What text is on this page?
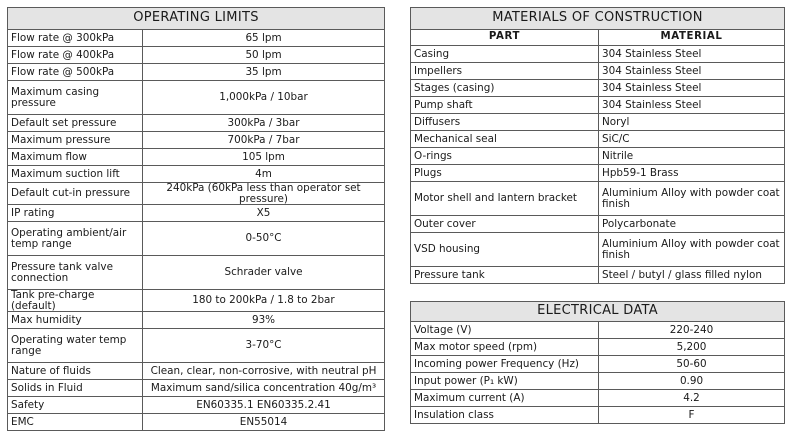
OPERATING LIMITS	
Flow rate @ 300kPa	65 lpm
Flow rate @ 400kPa	50 lpm
Flow rate @ 500kPa	35 lpm
Maximum casing pressure	1,000kPa / 10bar
Default set pressure	300kPa / 3bar
Maximum pressure	700kPa / 7bar
Maximum flow	105 lpm
Maximum suction lift	4m
Default cut-in pressure	240kPa (60kPa less than operator set pressure)
IP rating	X5
Operating ambient/air temp range	0-50°C
Pressure tank valve connection	Schrader valve
Tank pre-charge (default)	180 to 200kPa / 1.8 to 2bar
Max humidity	93%
Operating water temp range	3-70°C
Nature of fluids	Clean, clear, non-corrosive, with neutral pH
Solids in Fluid	Maximum sand/silica concentration 40g/m³
Safety	EN60335.1 EN60335.2.41
EMC	EN55014
MATERIALS OF CONSTRUCTION	
PART	MATERIAL
Casing	304 Stainless Steel
Impellers	304 Stainless Steel
Stages (casing)	304 Stainless Steel
Pump shaft	304 Stainless Steel
Diffusers	Noryl
Mechanical seal	SiC/C
O-rings	Nitrile
Plugs	Hpb59-1 Brass
Motor shell and lantern bracket	Aluminium Alloy with powder coat finish
Outer cover	Polycarbonate
VSD housing	Aluminium Alloy with powder coat finish
Pressure tank	Steel / butyl / glass filled nylon
ELECTRICAL DATA	
Voltage (V)	220-240
Max motor speed (rpm)	5,200
Incoming power Frequency (Hz)	50-60
Input power (P₁ kW)	0.90
Maximum current (A)	4.2
Insulation class	F
